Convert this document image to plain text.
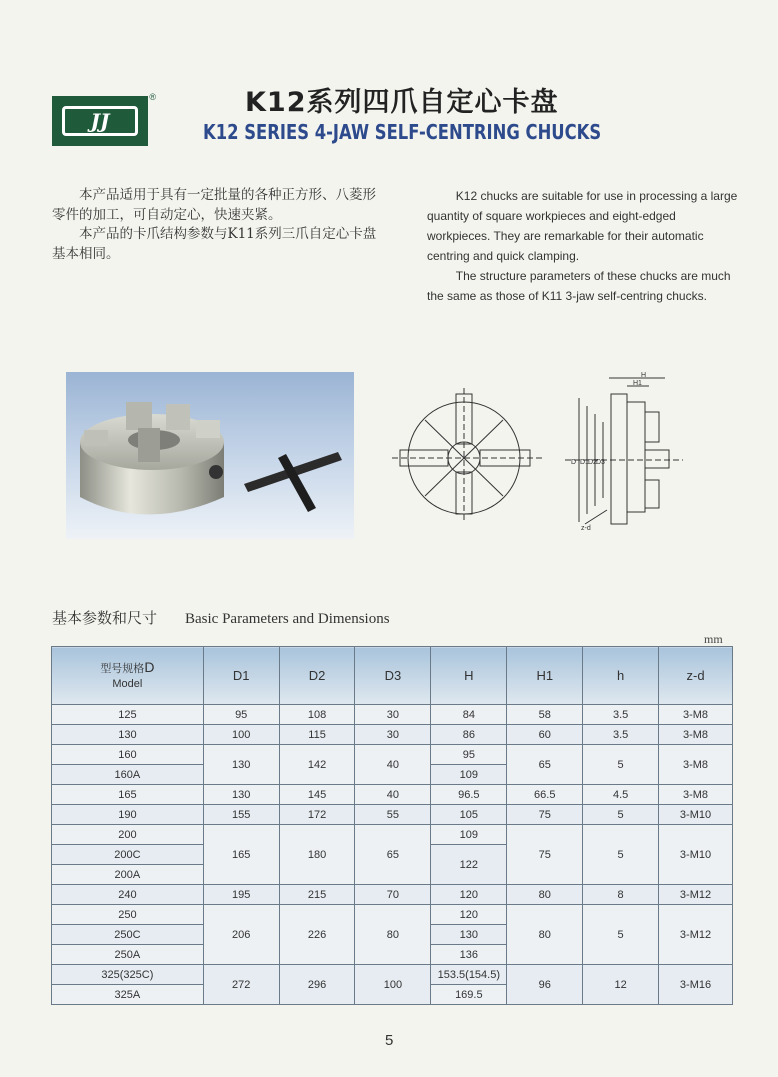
JJ
®	K12系列四爪自定心卡盘
K12 SERIES 4-JAW SELF-CENTRING CHUCKS

本产品适用于具有一定批量的各种正方形、八菱形零件的加工，可自动定心，快速夹紧。

本产品的卡爪结构参数与K11系列三爪自定心卡盘基本相同。

K12 chucks are suitable for use in processing a large quantity of square workpieces and eight-edged workpieces. They are remarkable for their automatic centring and quick clamping.

The structure parameters of these chucks are much the same as those of K11 3-jaw self-centring chucks.

H
H1
D D1 D2 D3
z-d
基本参数和尺寸 Basic Parameters and Dimensions
mm
型号规格D
Model	D1	D2	D3	H	H1	h	z-d
125	95	108	30	84	58	3.5	3-M8
130	100	115	30	86	60	3.5	3-M8
160	130	142	40	95	65	5	3-M8
160A				109			
165	130	145	40	96.5	66.5	4.5	3-M8
190	155	172	55	105	75	5	3-M10
200	165	180	65	109	75	5	3-M10
200C				122			
200A							
240	195	215	70	120	80	8	3-M12
250	206	226	80	120	80	5	3-M12
250C				130			
250A				136			
325(325C)	272	296	100	153.5(154.5)	96	12	3-M16
325A				169.5			
5
